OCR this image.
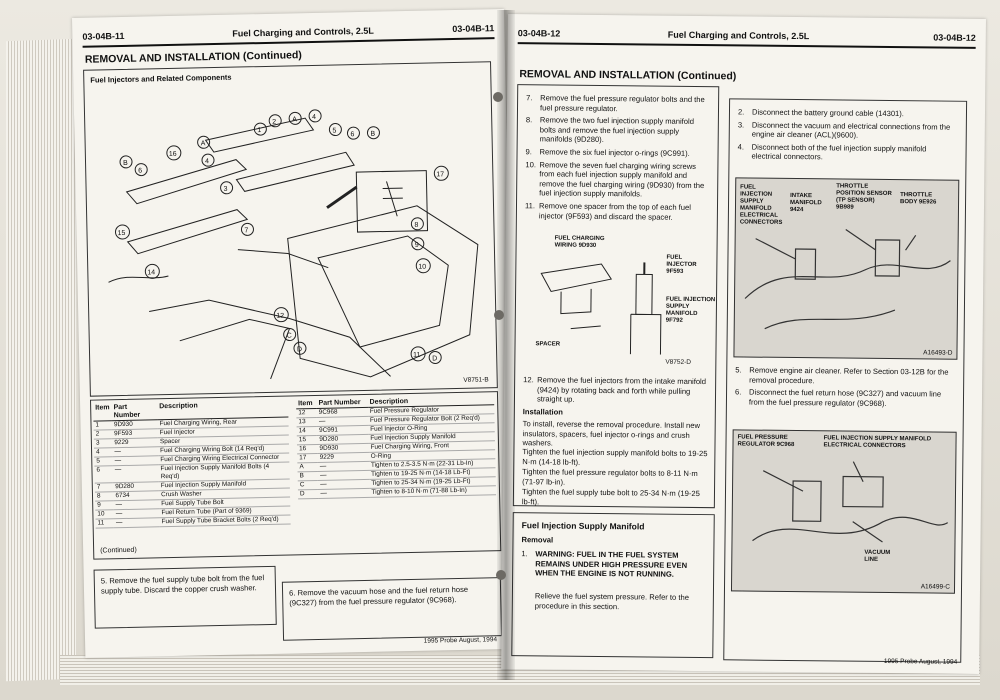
03-04B-11	Fuel Charging and Controls, 2.5L	03-04B-11
REMOVAL AND INSTALLATION (Continued)
Fuel Injectors and Related Components
1
2 A 4
5
6 B
17
B
6
16
A
4
3
15
14
7
8
9
10
12
C
D
11
D
V8751-B
Item	Part Number	Description
1	9D930	Fuel Charging Wiring, Rear
2	9F593	Fuel Injector
3	9229	Spacer
4	—	Fuel Charging Wiring Bolt (14 Req'd)
5	—	Fuel Charging Wiring Electrical Connector
6	—	Fuel Injection Supply Manifold Bolts (4 Req'd)
7	9D280	Fuel Injection Supply Manifold
8	6734	Crush Washer
9	—	Fuel Supply Tube Bolt
10	—	Fuel Return Tube (Part of 9369)
11	—	Fuel Supply Tube Bracket Bolts (2 Req'd)
(Continued)
Item	Part Number	Description
12	9C968	Fuel Pressure Regulator
13	—	Fuel Pressure Regulator Bolt (2 Req'd)
14	9C991	Fuel Injector O-Ring
15	9D280	Fuel Injection Supply Manifold
16	9D930	Fuel Charging Wiring, Front
17	9229	O-Ring
A	—	Tighten to 2.5-3.5 N·m (22-31 Lb-In)
B	—	Tighten to 19-25 N·m (14-18 Lb-Ft)
C	—	Tighten to 25-34 N·m (19-25 Lb-Ft)
D	—	Tighten to 8-10 N·m (71-88 Lb-In)
5. Remove the fuel supply tube bolt from the fuel supply tube. Discard the copper crush washer.	6. Remove the vacuum hose and the fuel return hose (9C327) from the fuel pressure regulator (9C968).
1995 Probe August, 1994
03-04B-12	Fuel Charging and Controls, 2.5L	03-04B-12
REMOVAL AND INSTALLATION (Continued)
7. Remove the fuel pressure regulator bolts and the fuel pressure regulator.
8. Remove the two fuel injection supply manifold bolts and remove the fuel injection supply manifolds (9D280).
9. Remove the six fuel injector o-rings (9C991).
10. Remove the seven fuel charging wiring screws from each fuel injection supply manifold and remove the fuel charging wiring (9D930) from the fuel injection supply manifolds.
11. Remove one spacer from the top of each fuel injector (9F593) and discard the spacer.
FUEL CHARGING WIRING 9D930
FUEL INJECTOR 9F593
FUEL INJECTION SUPPLY MANIFOLD 9F792
SPACER
V8752-D
12. Remove the fuel injectors from the intake manifold (9424) by rotating back and forth while pulling straight up.
Installation
To install, reverse the removal procedure. Install new insulators, spacers, fuel injector o-rings and crush washers.
Tighten the fuel injection supply manifold bolts to 19-25 N·m (14-18 lb-ft).
Tighten the fuel pressure regulator bolts to 8-11 N·m (71-97 lb-in).
Tighten the fuel supply tube bolt to 25-34 N·m (19-25 lb-ft).
Fuel Injection Supply Manifold
Removal
1. WARNING: FUEL IN THE FUEL SYSTEM REMAINS UNDER HIGH PRESSURE EVEN WHEN THE ENGINE IS NOT RUNNING.
Relieve the fuel system pressure. Refer to the procedure in this section.
2. Disconnect the battery ground cable (14301).
3. Disconnect the vacuum and electrical connections from the engine air cleaner (ACL)(9600).
4. Disconnect both of the fuel injection supply manifold electrical connectors.
FUEL INJECTION SUPPLY MANIFOLD ELECTRICAL CONNECTORS
INTAKE MANIFOLD 9424
THROTTLE POSITION SENSOR (TP SENSOR) 9B989
THROTTLE BODY 9E926
A16493-D
5. Remove engine air cleaner. Refer to Section 03-12B for the removal procedure.
6. Disconnect the fuel return hose (9C327) and vacuum line from the fuel pressure regulator (9C968).
FUEL PRESSURE REGULATOR 9C968
FUEL INJECTION SUPPLY MANIFOLD ELECTRICAL CONNECTORS
VACUUM LINE
A16499-C
1995 Probe August, 1994
